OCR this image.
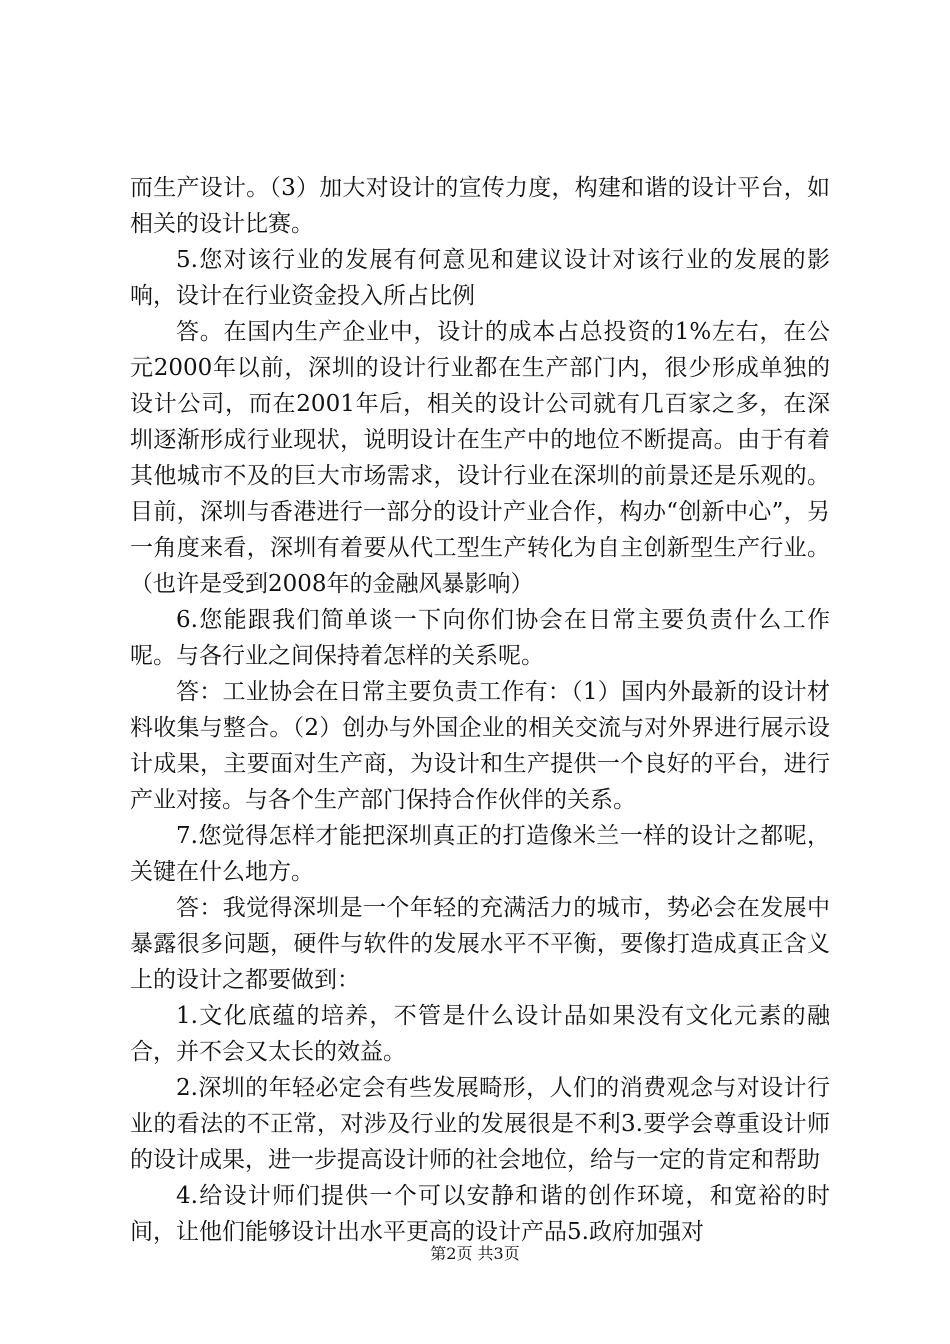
而生产设计。（3）加大对设计的宣传力度，构建和谐的设计平台，如相关的设计比赛。

5.您对该行业的发展有何意见和建议设计对该行业的发展的影响，设计在行业资金投入所占比例

答。在国内生产企业中，设计的成本占总投资的1%左右，在公元2000年以前，深圳的设计行业都在生产部门内，很少形成单独的设计公司，而在2001年后，相关的设计公司就有几百家之多，在深圳逐渐形成行业现状，说明设计在生产中的地位不断提高。由于有着其他城市不及的巨大市场需求，设计行业在深圳的前景还是乐观的。目前，深圳与香港进行一部分的设计产业合作，构办“创新中心”，另一角度来看，深圳有着要从代工型生产转化为自主创新型生产行业。（也许是受到2008年的金融风暴影响）

6.您能跟我们简单谈一下向你们协会在日常主要负责什么工作呢。与各行业之间保持着怎样的关系呢。

答：工业协会在日常主要负责工作有：（1）国内外最新的设计材料收集与整合。（2）创办与外国企业的相关交流与对外界进行展示设计成果，主要面对生产商，为设计和生产提供一个良好的平台，进行产业对接。与各个生产部门保持合作伙伴的关系。

7.您觉得怎样才能把深圳真正的打造像米兰一样的设计之都呢，关键在什么地方。

答：我觉得深圳是一个年轻的充满活力的城市，势必会在发展中暴露很多问题，硬件与软件的发展水平不平衡，要像打造成真正含义上的设计之都要做到：

1.文化底蕴的培养，不管是什么设计品如果没有文化元素的融合，并不会又太长的效益。

2.深圳的年轻必定会有些发展畸形，人们的消费观念与对设计行业的看法的不正常，对涉及行业的发展很是不利3.要学会尊重设计师的设计成果，进一步提高设计师的社会地位，给与一定的肯定和帮助

4.给设计师们提供一个可以安静和谐的创作环境，和宽裕的时间，让他们能够设计出水平更高的设计产品5.政府加强对

第2页 共3页
